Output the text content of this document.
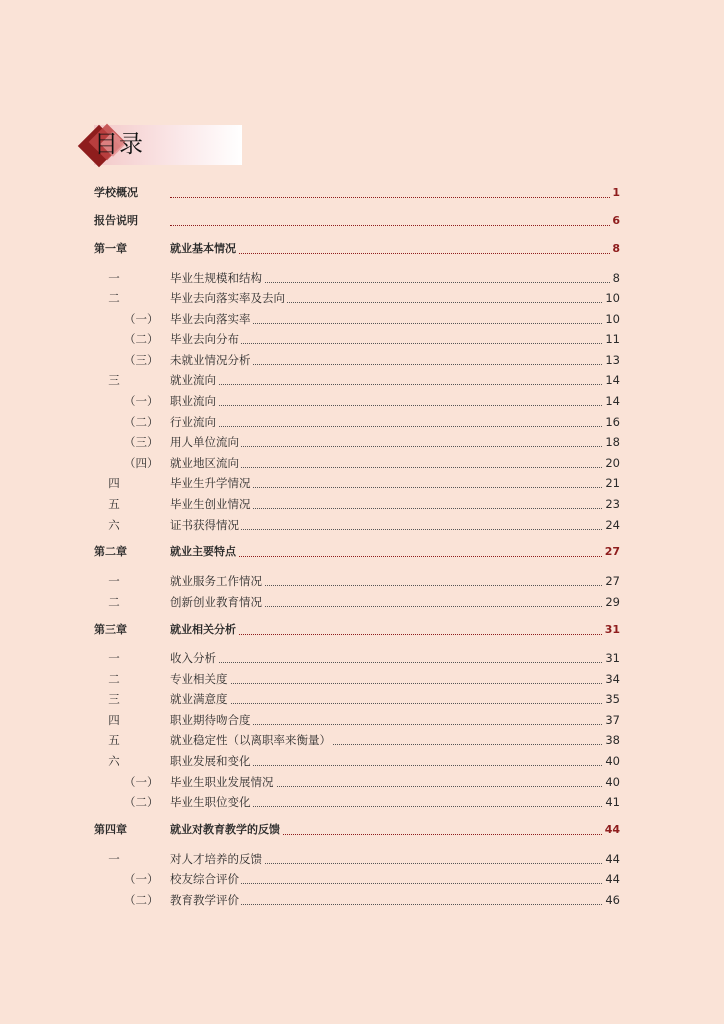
目录
学校概况	1
报告说明	6
第一章	就业基本情况	8
一	毕业生规模和结构	8
二	毕业去向落实率及去向	10
（一） 毕业去向落实率	10
（二） 毕业去向分布	11
（三） 未就业情况分析	13
三	就业流向	14
（一） 职业流向	14
（二） 行业流向	16
（三） 用人单位流向	18
（四） 就业地区流向	20
四	毕业生升学情况	21
五	毕业生创业情况	23
六	证书获得情况	24
第二章	就业主要特点	27
一	就业服务工作情况	27
二	创新创业教育情况	29
第三章	就业相关分析	31
一	收入分析	31
二	专业相关度	34
三	就业满意度	35
四	职业期待吻合度	37
五	就业稳定性（以离职率来衡量）	38
六	职业发展和变化	40
（一） 毕业生职业发展情况	40
（二） 毕业生职位变化	41
第四章	就业对教育教学的反馈	44
一	对人才培养的反馈	44
（一） 校友综合评价	44
（二） 教育教学评价	46
